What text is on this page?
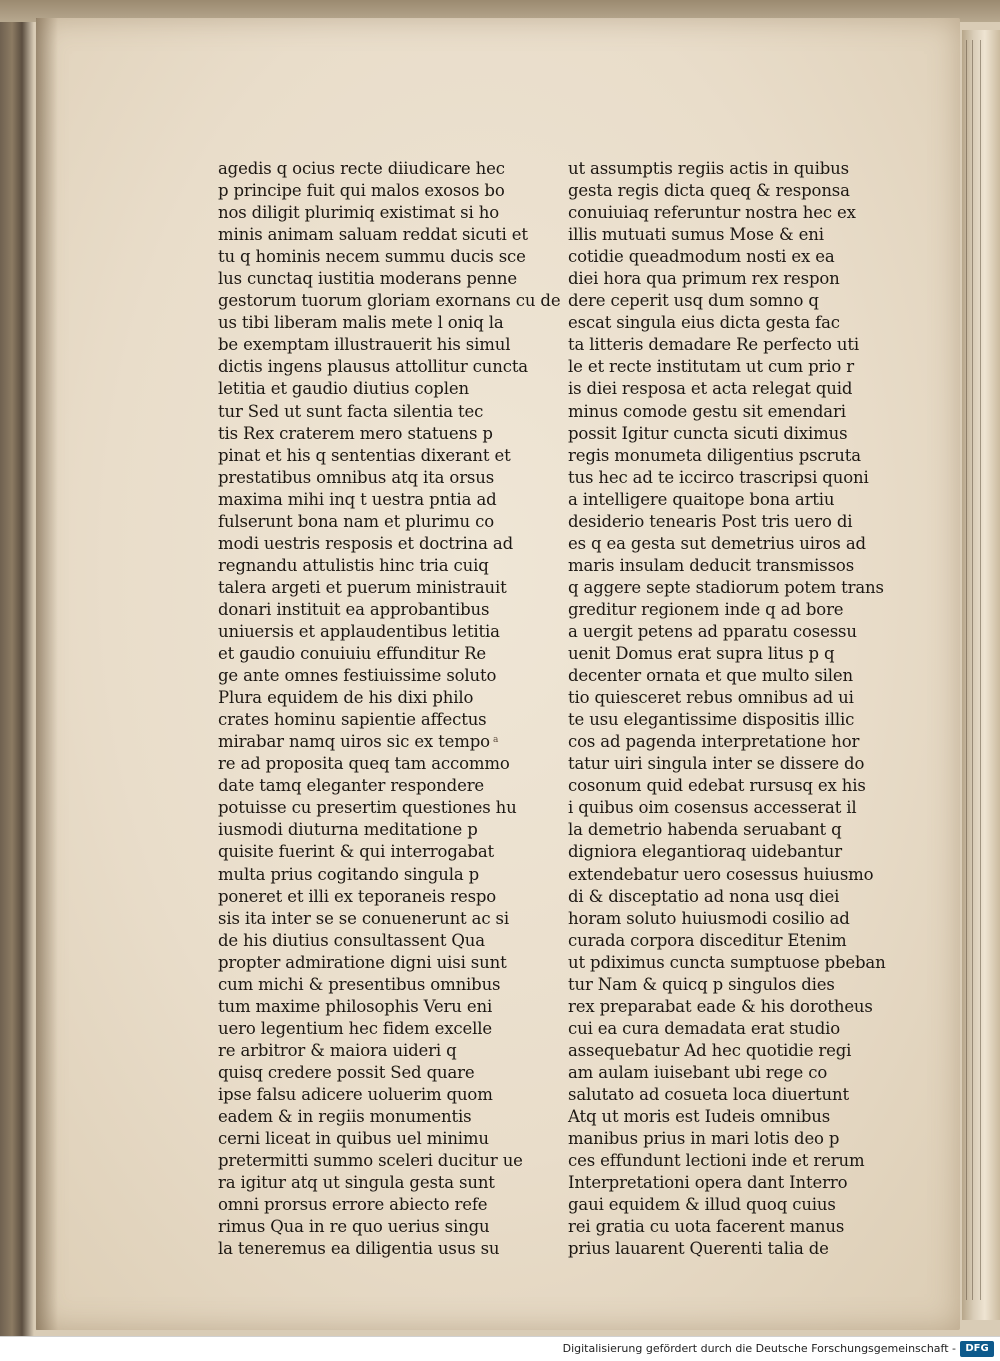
agedis q ocius recte diiudicare hec
p principe fuit qui malos exosos bo
nos diligit plurimiq existimat si ho
minis animam saluam reddat sicuti et
tu q hominis necem summu ducis sce
lus cunctaq iustitia moderans penne
gestorum tuorum gloriam exornans cu de
us tibi liberam malis mete l oniq la
be exemptam illustrauerit his simul
dictis ingens plausus attollitur cuncta
letitia et gaudio diutius coplen
tur Sed ut sunt facta silentia tec
tis Rex craterem mero statuens p
pinat et his q sententias dixerant et
prestatibus omnibus atq ita orsus
maxima mihi inq t uestra pntia ad
fulserunt bona nam et plurimu co
modi uestris resposis et doctrina ad
regnandu attulistis hinc tria cuiq
talera argeti et puerum ministrauit
donari instituit ea approbantibus
uniuersis et applaudentibus letitia
et gaudio conuiuiu effunditur Re
ge ante omnes festiuissime soluto
Plura equidem de his dixi philo
crates hominu sapientie affectus
mirabar namq uiros sic ex tempo
re ad proposita queq tam accommo
date tamq eleganter respondere
potuisse cu presertim questiones hu
iusmodi diuturna meditatione p
quisite fuerint & qui interrogabat
multa prius cogitando singula p
poneret et illi ex teporaneis respo
sis ita inter se se conuenerunt ac si
de his diutius consultassent Qua
propter admiratione digni uisi sunt
cum michi & presentibus omnibus
tum maxime philosophis Veru eni
uero legentium hec fidem excelle
re arbitror & maiora uideri q
quisq credere possit Sed quare
ipse falsu adicere uoluerim quom
eadem & in regiis monumentis
cerni liceat in quibus uel minimu
pretermitti summo sceleri ducitur ue
ra igitur atq ut singula gesta sunt
omni prorsus errore abiecto refe
rimus Qua in re quo uerius singu
la teneremus ea diligentia usus su
ut assumptis regiis actis in quibus
gesta regis dicta queq & responsa
conuiuiaq referuntur nostra hec ex
illis mutuati sumus Mose & eni
cotidie queadmodum nosti ex ea
diei hora qua primum rex respon
dere ceperit usq dum somno q
escat singula eius dicta gesta fac
ta litteris demadare Re perfecto uti
le et recte institutam ut cum prio r
is diei resposa et acta relegat quid
minus comode gestu sit emendari
possit Igitur cuncta sicuti diximus
regis monumeta diligentius pscruta
tus hec ad te iccirco trascripsi quoni
a intelligere quaitope bona artiu
desiderio tenearis Post tris uero di
es q ea gesta sut demetrius uiros ad
maris insulam deducit transmissos
q aggere septe stadiorum potem trans
greditur regionem inde q ad bore
a uergit petens ad pparatu cosessu
uenit Domus erat supra litus p q
decenter ornata et que multo silen
tio quiesceret rebus omnibus ad ui
te usu elegantissime dispositis illic
cos ad pagenda interpretatione hor
tatur uiri singula inter se dissere do
cosonum quid edebat rursusq ex his
i quibus oim cosensus accesserat il
la demetrio habenda seruabant q
digniora elegantioraq uidebantur
extendebatur uero cosessus huiusmo
di & disceptatio ad nona usq diei
horam soluto huiusmodi cosilio ad
curada corpora disceditur Etenim
ut pdiximus cuncta sumptuose pbeban
tur Nam & quicq p singulos dies
rex preparabat eade & his dorotheus
cui ea cura demadata erat studio
assequebatur Ad hec quotidie regi
am aulam iuisebant ubi rege co
salutato ad cosueta loca diuertunt
Atq ut moris est Iudeis omnibus
manibus prius in mari lotis deo p
ces effundunt lectioni inde et rerum
Interpretationi opera dant Interro
gaui equidem & illud quoq cuius
rei gratia cu uota facerent manus
prius lauarent Querenti talia de
a
Digitalisierung gefördert durch die Deutsche Forschungsgemeinschaft - DFG
